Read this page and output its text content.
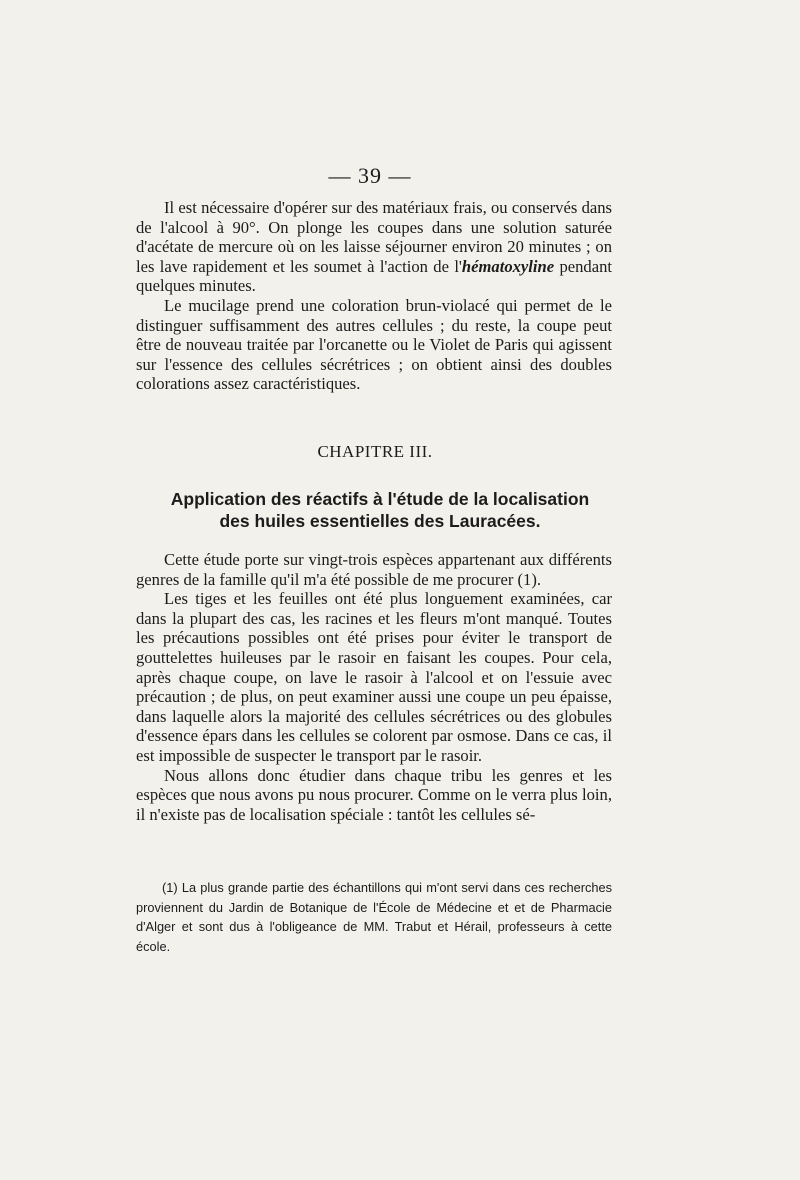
— 39 —

Il est nécessaire d'opérer sur des matériaux frais, ou conservés dans de l'alcool à 90°. On plonge les coupes dans une solution saturée d'acétate de mercure où on les laisse séjourner environ 20 minutes ; on les lave rapidement et les soumet à l'action de l'hématoxyline pendant quelques minutes.

Le mucilage prend une coloration brun-violacé qui permet de le distinguer suffisamment des autres cellules ; du reste, la coupe peut être de nouveau traitée par l'orcanette ou le Violet de Paris qui agissent sur l'essence des cellules sécrétrices ; on obtient ainsi des doubles colorations assez caractéristiques.

CHAPITRE III.
Application des réactifs à l'étude de la localisation
des huiles essentielles des Lauracées.

Cette étude porte sur vingt-trois espèces appartenant aux différents genres de la famille qu'il m'a été possible de me procurer (1).

Les tiges et les feuilles ont été plus longuement examinées, car dans la plupart des cas, les racines et les fleurs m'ont manqué. Toutes les précautions possibles ont été prises pour éviter le transport de gouttelettes huileuses par le rasoir en faisant les coupes. Pour cela, après chaque coupe, on lave le rasoir à l'alcool et on l'essuie avec précaution ; de plus, on peut examiner aussi une coupe un peu épaisse, dans laquelle alors la majorité des cellules sécrétrices ou des globules d'essence épars dans les cellules se colorent par osmose. Dans ce cas, il est impossible de suspecter le transport par le rasoir.

Nous allons donc étudier dans chaque tribu les genres et les espèces que nous avons pu nous procurer. Comme on le verra plus loin, il n'existe pas de localisation spéciale : tantôt les cellules sé-

(1) La plus grande partie des échantillons qui m'ont servi dans ces recherches proviennent du Jardin de Botanique de l'École de Médecine et et de Pharmacie d'Alger et sont dus à l'obligeance de MM. Trabut et Hérail, professeurs à cette école.
